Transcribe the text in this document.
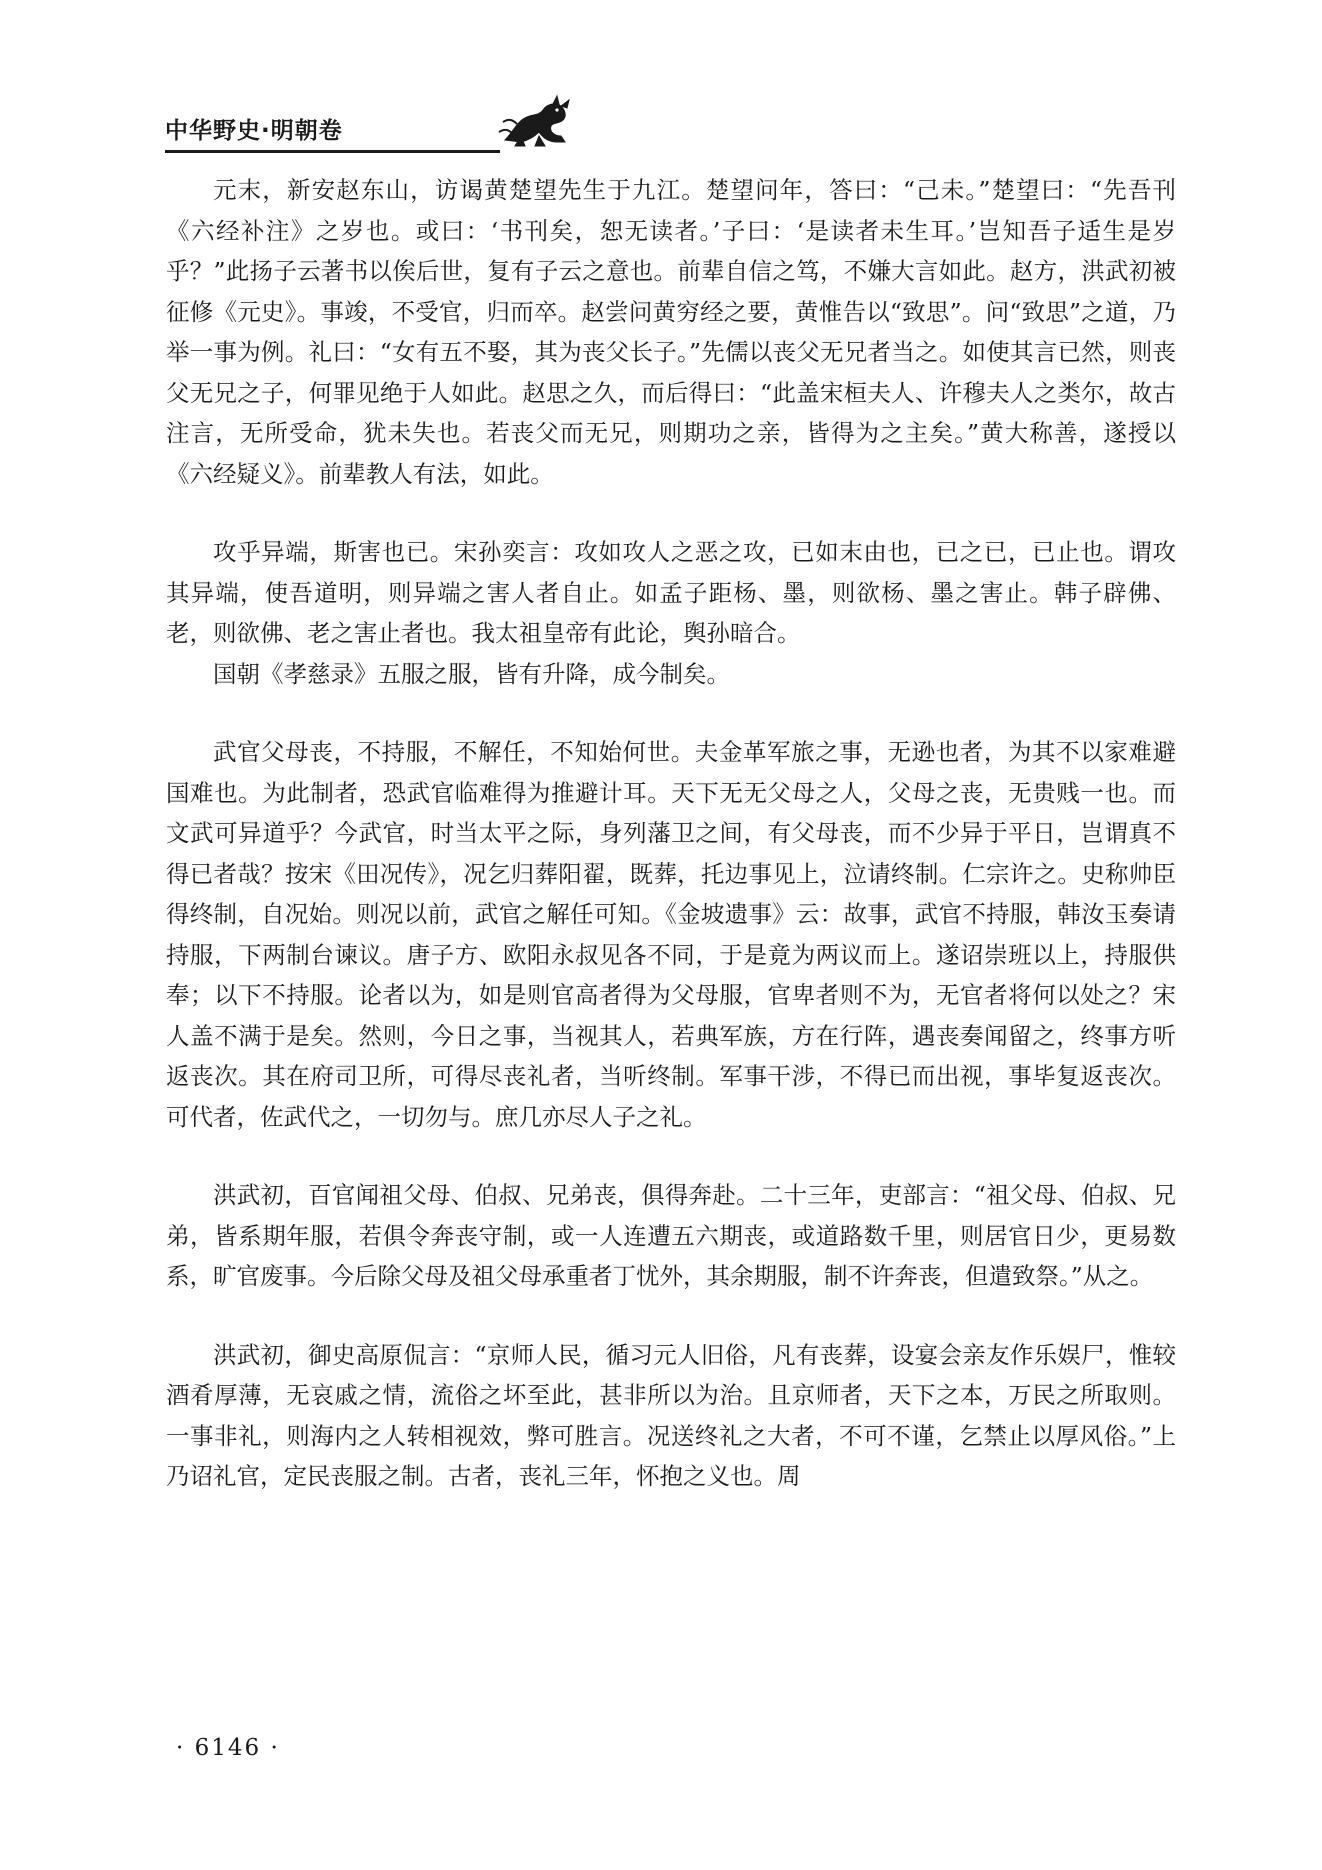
中华野史·明朝卷

元末，新安赵东山，访谒黄楚望先生于九江。楚望问年，答曰：“己未。”楚望曰：“先吾刊《六经补注》之岁也。或曰：‘书刊矣，恕无读者。’子曰：‘是读者未生耳。’岂知吾子适生是岁乎？”此扬子云著书以俟后世，复有子云之意也。前辈自信之笃，不嫌大言如此。赵方，洪武初被征修《元史》。事竣，不受官，归而卒。赵尝问黄穷经之要，黄惟告以“致思”。问“致思”之道，乃举一事为例。礼曰：“女有五不娶，其为丧父长子。”先儒以丧父无兄者当之。如使其言已然，则丧父无兄之子，何罪见绝于人如此。赵思之久，而后得曰：“此盖宋桓夫人、许穆夫人之类尔，故古注言，无所受命，犹未失也。若丧父而无兄，则期功之亲，皆得为之主矣。”黄大称善，遂授以《六经疑义》。前辈教人有法，如此。

攻乎异端，斯害也已。宋孙奕言：攻如攻人之恶之攻，已如末由也，已之已，已止也。谓攻其异端，使吾道明，则异端之害人者自止。如孟子距杨、墨，则欲杨、墨之害止。韩子辟佛、老，则欲佛、老之害止者也。我太祖皇帝有此论，舆孙暗合。

国朝《孝慈录》五服之服，皆有升降，成今制矣。

武官父母丧，不持服，不解任，不知始何世。夫金革军旅之事，无逊也者，为其不以家难避国难也。为此制者，恐武官临难得为推避计耳。天下无无父母之人，父母之丧，无贵贱一也。而文武可异道乎？今武官，时当太平之际，身列藩卫之间，有父母丧，而不少异于平日，岂谓真不得已者哉？按宋《田况传》，况乞归葬阳翟，既葬，托边事见上，泣请终制。仁宗许之。史称帅臣得终制，自况始。则况以前，武官之解任可知。《金坡遗事》云：故事，武官不持服，韩汝玉奏请持服，下两制台谏议。唐子方、欧阳永叔见各不同，于是竟为两议而上。遂诏崇班以上，持服供奉；以下不持服。论者以为，如是则官高者得为父母服，官卑者则不为，无官者将何以处之？宋人盖不满于是矣。然则，今日之事，当视其人，若典军族，方在行阵，遇丧奏闻留之，终事方听返丧次。其在府司卫所，可得尽丧礼者，当听终制。军事干涉，不得已而出视，事毕复返丧次。可代者，佐武代之，一切勿与。庶几亦尽人子之礼。

洪武初，百官闻祖父母、伯叔、兄弟丧，俱得奔赴。二十三年，吏部言：“祖父母、伯叔、兄弟，皆系期年服，若俱令奔丧守制，或一人连遭五六期丧，或道路数千里，则居官日少，更易数系，旷官废事。今后除父母及祖父母承重者丁忧外，其余期服，制不许奔丧，但遣致祭。”从之。

洪武初，御史高原侃言：“京师人民，循习元人旧俗，凡有丧葬，设宴会亲友作乐娱尸，惟较酒肴厚薄，无哀戚之情，流俗之坏至此，甚非所以为治。且京师者，天下之本，万民之所取则。一事非礼，则海内之人转相视效，弊可胜言。况送终礼之大者，不可不谨，乞禁止以厚风俗。”上乃诏礼官，定民丧服之制。古者，丧礼三年，怀抱之义也。周

· 6146 ·
